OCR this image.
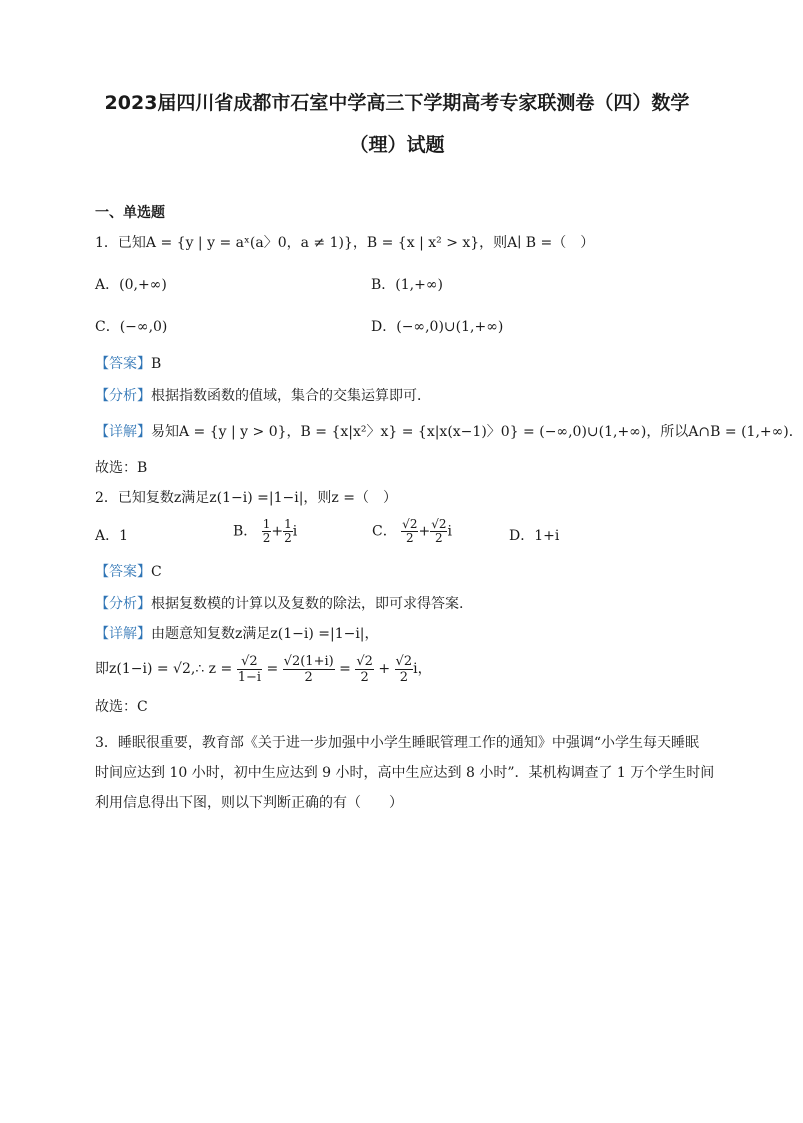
2023届四川省成都市石室中学高三下学期高考专家联测卷（四）数学
（理）试题
一、单选题
1．已知A = {y | y = aˣ(a〉0，a ≠ 1)}，B = {x | x² > x}，则A∣ B =（　）
A．(0,+∞)	B．(1,+∞)
C．(−∞,0)	D．(−∞,0)∪(1,+∞)
【答案】B
【分析】根据指数函数的值域，集合的交集运算即可．
【详解】易知A = {y | y > 0}，B = {x|x²〉x} = {x|x(x−1)〉0} = (−∞,0)∪(1,+∞)，所以A∩B = (1,+∞)．
故选：B
2．已知复数z满足z(1−i) =|1−i|，则z =（　）
A．1	B． $\frac{1}{2} + \frac{1}{2}$ i	C． $\frac{√2}{2} + \frac{√2}{2}$ i	D．1+i
【答案】C
【分析】根据复数模的计算以及复数的除法，即可求得答案.
【详解】由题意知复数z满足z(1−i) =|1−i|，
即z(1−i) = √2,∴ $z = \frac{√2}{1-i} = \frac{√2(1+i)}{2} = \frac{√2}{2} + \frac{√2}{2}$ i，
故选：C
3．睡眠很重要，教育部《关于进一步加强中小学生睡眠管理工作的通知》中强调“小学生每天睡眠
时间应达到 10 小时，初中生应达到 9 小时，高中生应达到 8 小时”．某机构调查了 1 万个学生时间
利用信息得出下图，则以下判断正确的有（　　）
